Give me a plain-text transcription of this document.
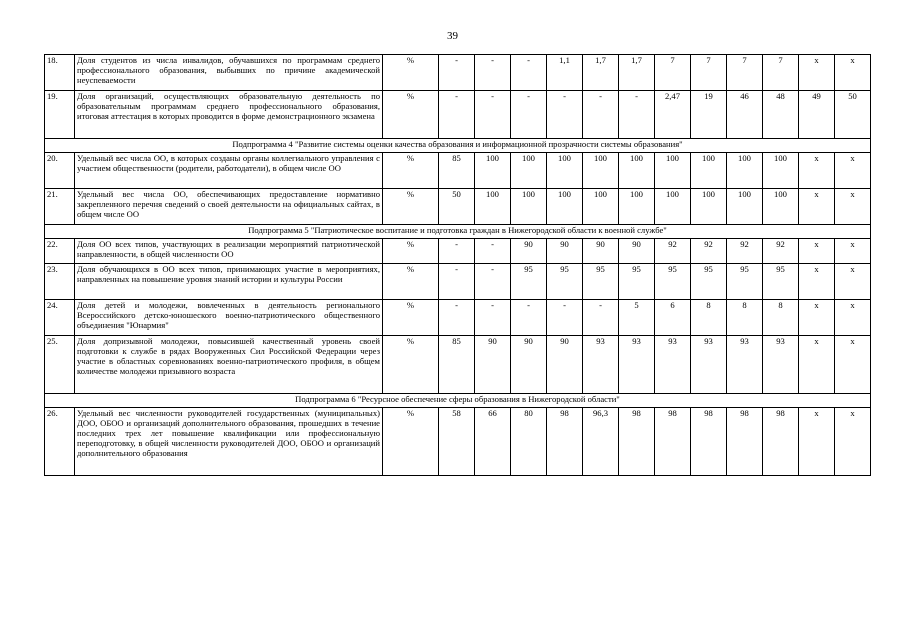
39
18.	Доля студентов из числа инвалидов, обучавшихся по программам среднего профессионального образования, выбывших по причине академической неуспеваемости	%	-	-	-	1,1	1,7	1,7	7	7	7	7	x	x
19.	Доля организаций, осуществляющих образовательную деятельность по образовательным программам среднего профессионального образования, итоговая аттестация в которых проводится в форме демонстрационного экзамена	%	-	-	-	-	-	-	2,47	19	46	48	49	50
Подпрограмма 4 "Развитие системы оценки качества образования и информационной прозрачности системы образования"														
20.	Удельный вес числа ОО, в которых созданы органы коллегиального управления с участием общественности (родители, работодатели), в общем числе ОО	%	85	100	100	100	100	100	100	100	100	100	x	x
21.	Удельный вес числа ОО, обеспечивающих предоставление нормативно закрепленного перечня сведений о своей деятельности на официальных сайтах, в общем числе ОО	%	50	100	100	100	100	100	100	100	100	100	x	x
Подпрограмма 5 "Патриотическое воспитание и подготовка граждан в Нижегородской области к военной службе"														
22.	Доля ОО всех типов, участвующих в реализации мероприятий патриотической направленности, в общей численности ОО	%	-	-	90	90	90	90	92	92	92	92	x	x
23.	Доля обучающихся в ОО всех типов, принимающих участие в мероприятиях, направленных на повышение уровня знаний истории и культуры России	%	-	-	95	95	95	95	95	95	95	95	x	x
24.	Доля детей и молодежи, вовлеченных в деятельность регионального Всероссийского детско-юношеского военно-патриотического общественного объединения "Юнармия"	%	-	-	-	-	-	5	6	8	8	8	x	x
25.	Доля допризывной молодежи, повысившей качественный уровень своей подготовки к службе в рядах Вооруженных Сил Российской Федерации через участие в областных соревнованиях военно-патриотического профиля, в общем количестве молодежи призывного возраста	%	85	90	90	90	93	93	93	93	93	93	x	x
Подпрограмма 6 "Ресурсное обеспечение сферы образования в Нижегородской области"														
26.	Удельный вес численности руководителей государственных (муниципальных) ДОО, ОБОО и организаций дополнительного образования, прошедших в течение последних трех лет повышение квалификации или профессиональную переподготовку, в общей численности руководителей ДОО, ОБОО и организаций дополнительного образования	%	58	66	80	98	96,3	98	98	98	98	98	x	x
